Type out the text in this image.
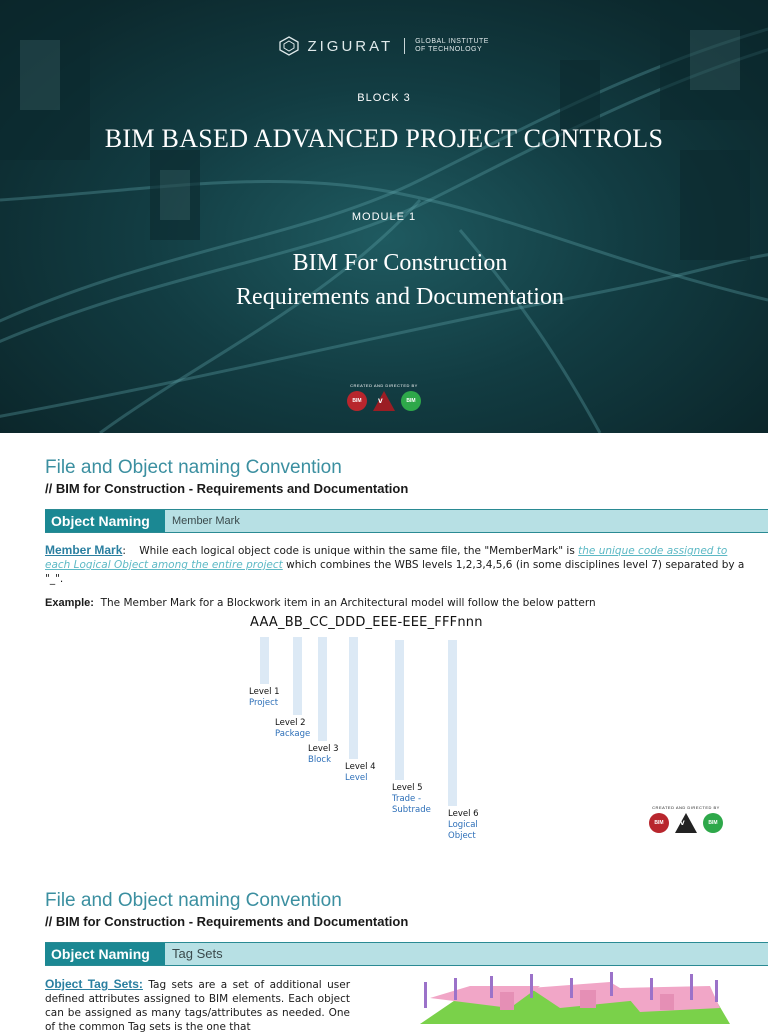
ZIGURAT	GLOBAL INSTITUTE
OF TECHNOLOGY
BLOCK 3
BIM BASED ADVANCED PROJECT CONTROLS
MODULE 1
BIM For Construction
Requirements and Documentation
CREATED AND DIRECTED BY
BIM	V	BIM
File and Object naming Convention
// BIM for Construction - Requirements and Documentation
Object Naming	Member Mark
Member Mark:    While each logical object code is unique within the same file, the "MemberMark" is the unique code assigned to each Logical Object among the entire project which combines the WBS levels 1,2,3,4,5,6 (in some disciplines level 7) separated by a "_".
Example: The Member Mark for a Blockwork item in an Architectural model will follow the below pattern
AAA_BB_CC_DDD_EEE-EEE_FFFnnn
Level 1
Project
Level 2
Package
Level 3
Block
Level 4
Level
Level 5
Trade -
Subtrade Level 6
Logical
Object
CREATED AND DIRECTED BY
BIM	V	BIM
File and Object naming Convention
// BIM for Construction - Requirements and Documentation
Object Naming	Tag Sets
Object Tag Sets: Tag sets are a set of additional user defined attributes assigned to BIM elements. Each object can be assigned as many tags/attributes as needed. One of the common Tag sets is the one that
